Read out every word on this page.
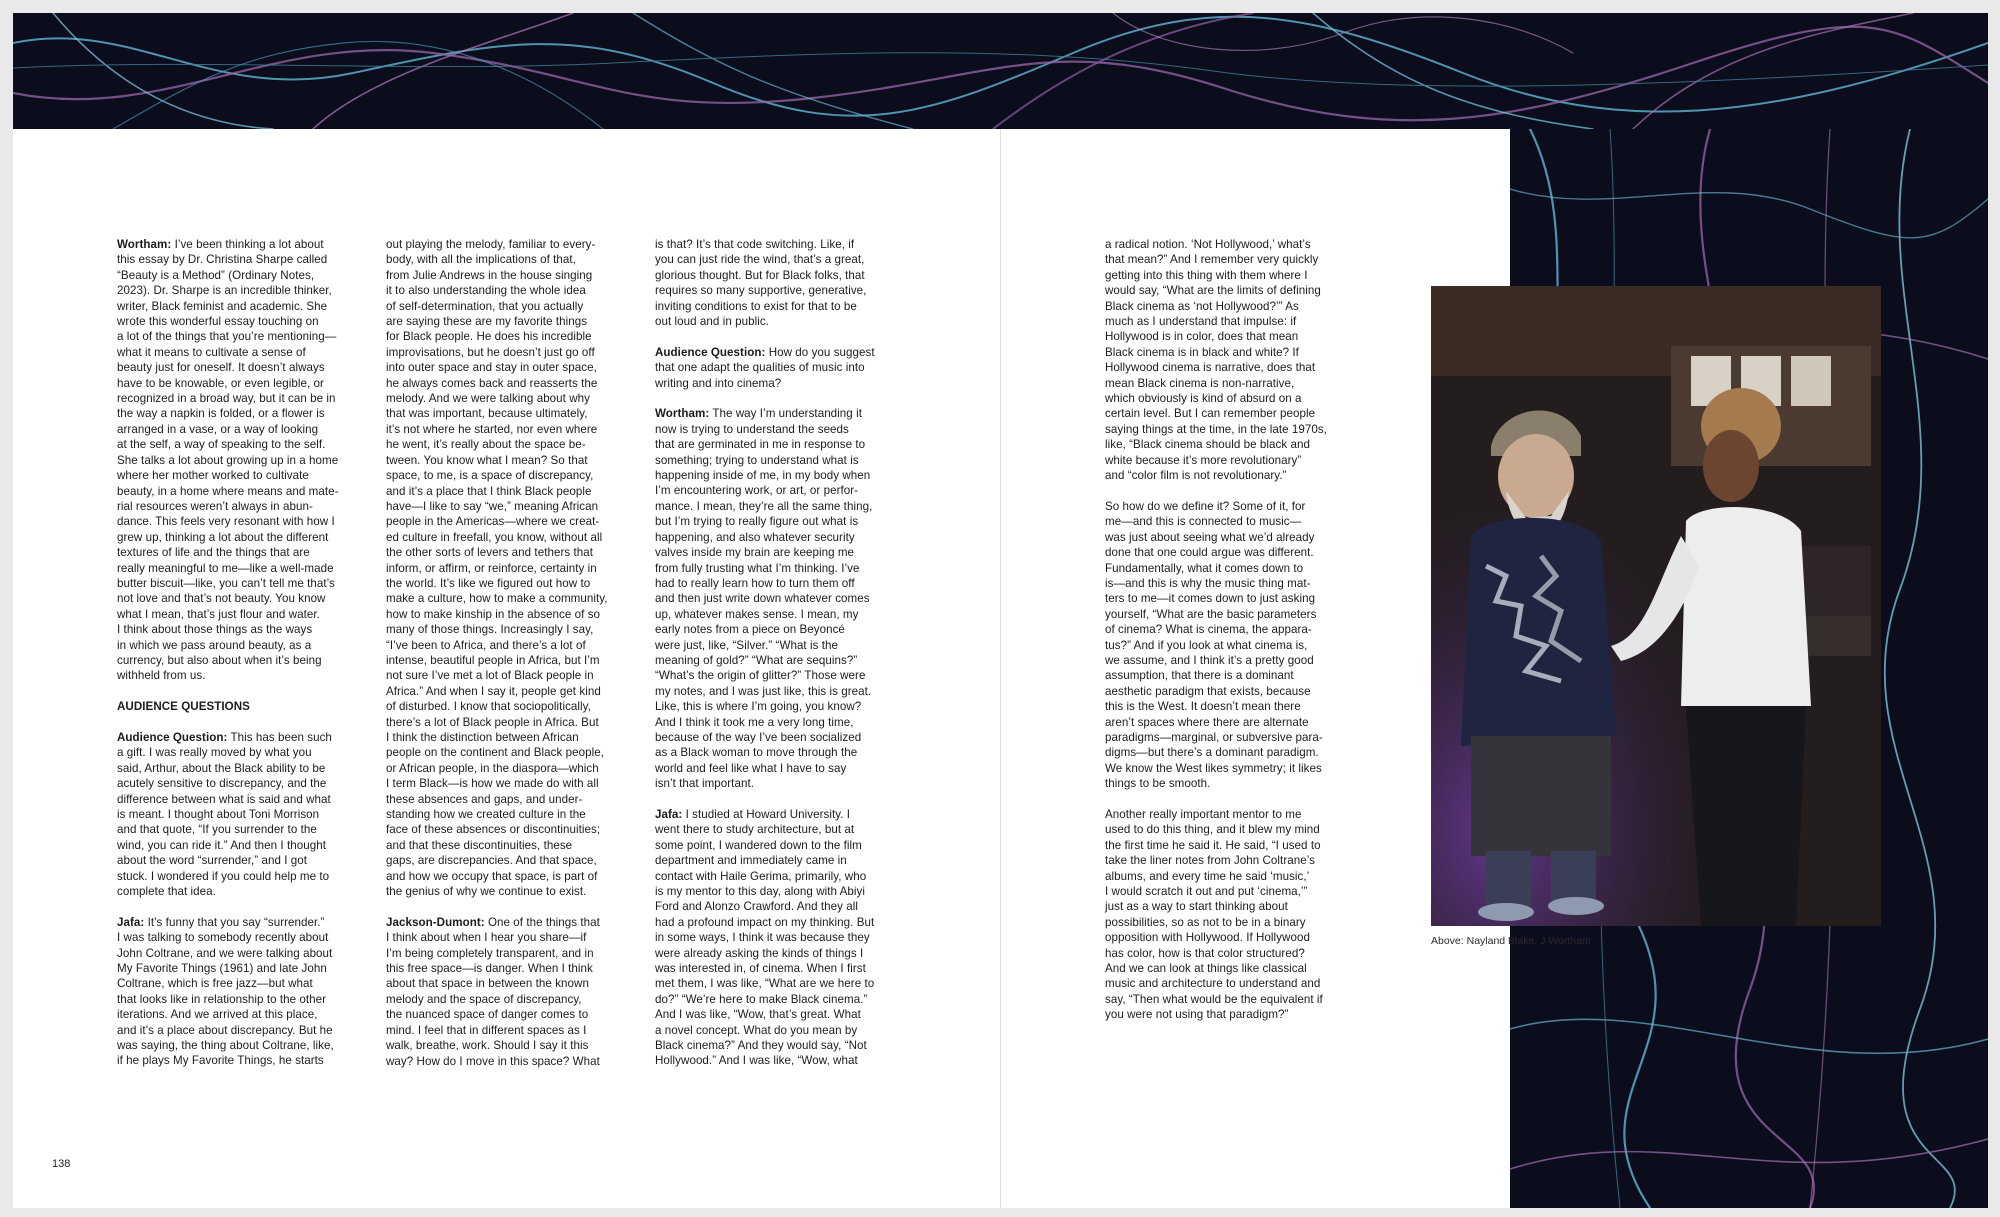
Wortham: I’ve been thinking a lot about
this essay by Dr. Christina Sharpe called
“Beauty is a Method” (Ordinary Notes,
2023). Dr. Sharpe is an incredible thinker,
writer, Black feminist and academic. She
wrote this wonderful essay touching on
a lot of the things that you’re mentioning—
what it means to cultivate a sense of
beauty just for oneself. It doesn’t always
have to be knowable, or even legible, or
recognized in a broad way, but it can be in
the way a napkin is folded, or a flower is
arranged in a vase, or a way of looking
at the self, a way of speaking to the self.
She talks a lot about growing up in a home
where her mother worked to cultivate
beauty, in a home where means and mate-
rial resources weren’t always in abun-
dance. This feels very resonant with how I
grew up, thinking a lot about the different
textures of life and the things that are
really meaningful to me—like a well-made
butter biscuit—like, you can’t tell me that’s
not love and that’s not beauty. You know
what I mean, that’s just flour and water.
I think about those things as the ways
in which we pass around beauty, as a
currency, but also about when it’s being
withheld from us.

AUDIENCE QUESTIONS

Audience Question: This has been such
a gift. I was really moved by what you
said, Arthur, about the Black ability to be
acutely sensitive to discrepancy, and the
difference between what is said and what
is meant. I thought about Toni Morrison
and that quote, “If you surrender to the
wind, you can ride it.” And then I thought
about the word “surrender,” and I got
stuck. I wondered if you could help me to
complete that idea.

Jafa: It’s funny that you say “surrender.”
I was talking to somebody recently about
John Coltrane, and we were talking about
My Favorite Things (1961) and late John
Coltrane, which is free jazz—but what
that looks like in relationship to the other
iterations. And we arrived at this place,
and it’s a place about discrepancy. But he
was saying, the thing about Coltrane, like,
if he plays My Favorite Things, he starts

out playing the melody, familiar to every-
body, with all the implications of that,
from Julie Andrews in the house singing
it to also understanding the whole idea
of self-determination, that you actually
are saying these are my favorite things
for Black people. He does his incredible
improvisations, but he doesn’t just go off
into outer space and stay in outer space,
he always comes back and reasserts the
melody. And we were talking about why
that was important, because ultimately,
it’s not where he started, nor even where
he went, it’s really about the space be-
tween. You know what I mean? So that
space, to me, is a space of discrepancy,
and it’s a place that I think Black people
have—I like to say “we,” meaning African
people in the Americas—where we creat-
ed culture in freefall, you know, without all
the other sorts of levers and tethers that
inform, or affirm, or reinforce, certainty in
the world. It’s like we figured out how to
make a culture, how to make a community,
how to make kinship in the absence of so
many of those things. Increasingly I say,
“I’ve been to Africa, and there’s a lot of
intense, beautiful people in Africa, but I’m
not sure I’ve met a lot of Black people in
Africa.” And when I say it, people get kind
of disturbed. I know that sociopolitically,
there’s a lot of Black people in Africa. But
I think the distinction between African
people on the continent and Black people,
or African people, in the diaspora—which
I term Black—is how we made do with all
these absences and gaps, and under-
standing how we created culture in the
face of these absences or discontinuities;
and that these discontinuities, these
gaps, are discrepancies. And that space,
and how we occupy that space, is part of
the genius of why we continue to exist.

Jackson-Dumont: One of the things that
I think about when I hear you share—if
I’m being completely transparent, and in
this free space—is danger. When I think
about that space in between the known
melody and the space of discrepancy,
the nuanced space of danger comes to
mind. I feel that in different spaces as I
walk, breathe, work. Should I say it this
way? How do I move in this space? What

is that? It’s that code switching. Like, if
you can just ride the wind, that’s a great,
glorious thought. But for Black folks, that
requires so many supportive, generative,
inviting conditions to exist for that to be
out loud and in public.

Audience Question: How do you suggest
that one adapt the qualities of music into
writing and into cinema?

Wortham: The way I’m understanding it
now is trying to understand the seeds
that are germinated in me in response to
something; trying to understand what is
happening inside of me, in my body when
I’m encountering work, or art, or perfor-
mance. I mean, they’re all the same thing,
but I’m trying to really figure out what is
happening, and also whatever security
valves inside my brain are keeping me
from fully trusting what I’m thinking. I’ve
had to really learn how to turn them off
and then just write down whatever comes
up, whatever makes sense. I mean, my
early notes from a piece on Beyoncé
were just, like, “Silver.” “What is the
meaning of gold?” “What are sequins?”
“What’s the origin of glitter?” Those were
my notes, and I was just like, this is great.
Like, this is where I’m going, you know?
And I think it took me a very long time,
because of the way I’ve been socialized
as a Black woman to move through the
world and feel like what I have to say
isn’t that important.

Jafa: I studied at Howard University. I
went there to study architecture, but at
some point, I wandered down to the film
department and immediately came in
contact with Haile Gerima, primarily, who
is my mentor to this day, along with Abiyi
Ford and Alonzo Crawford. And they all
had a profound impact on my thinking. But
in some ways, I think it was because they
were already asking the kinds of things I
was interested in, of cinema. When I first
met them, I was like, “What are we here to
do?” “We’re here to make Black cinema.”
And I was like, “Wow, that’s great. What
a novel concept. What do you mean by
Black cinema?” And they would say, “Not
Hollywood.” And I was like, “Wow, what

a radical notion. ‘Not Hollywood,’ what’s
that mean?” And I remember very quickly
getting into this thing with them where I
would say, “What are the limits of defining
Black cinema as ‘not Hollywood?’” As
much as I understand that impulse: if
Hollywood is in color, does that mean
Black cinema is in black and white? If
Hollywood cinema is narrative, does that
mean Black cinema is non-narrative,
which obviously is kind of absurd on a
certain level. But I can remember people
saying things at the time, in the late 1970s,
like, “Black cinema should be black and
white because it’s more revolutionary”
and “color film is not revolutionary.”

So how do we define it? Some of it, for
me—and this is connected to music—
was just about seeing what we’d already
done that one could argue was different.
Fundamentally, what it comes down to
is—and this is why the music thing mat-
ters to me—it comes down to just asking
yourself, “What are the basic parameters
of cinema? What is cinema, the appara-
tus?” And if you look at what cinema is,
we assume, and I think it’s a pretty good
assumption, that there is a dominant
aesthetic paradigm that exists, because
this is the West. It doesn’t mean there
aren’t spaces where there are alternate
paradigms—marginal, or subversive para-
digms—but there’s a dominant paradigm.
We know the West likes symmetry; it likes
things to be smooth.

Another really important mentor to me
used to do this thing, and it blew my mind
the first time he said it. He said, “I used to
take the liner notes from John Coltrane’s
albums, and every time he said ‘music,’
I would scratch it out and put ‘cinema,’”
just as a way to start thinking about
possibilities, so as not to be in a binary
opposition with Hollywood. If Hollywood
has color, how is that color structured?
And we can look at things like classical
music and architecture to understand and
say, “Then what would be the equivalent if
you were not using that paradigm?”

Above: Nayland Blake, J Wortham
138
